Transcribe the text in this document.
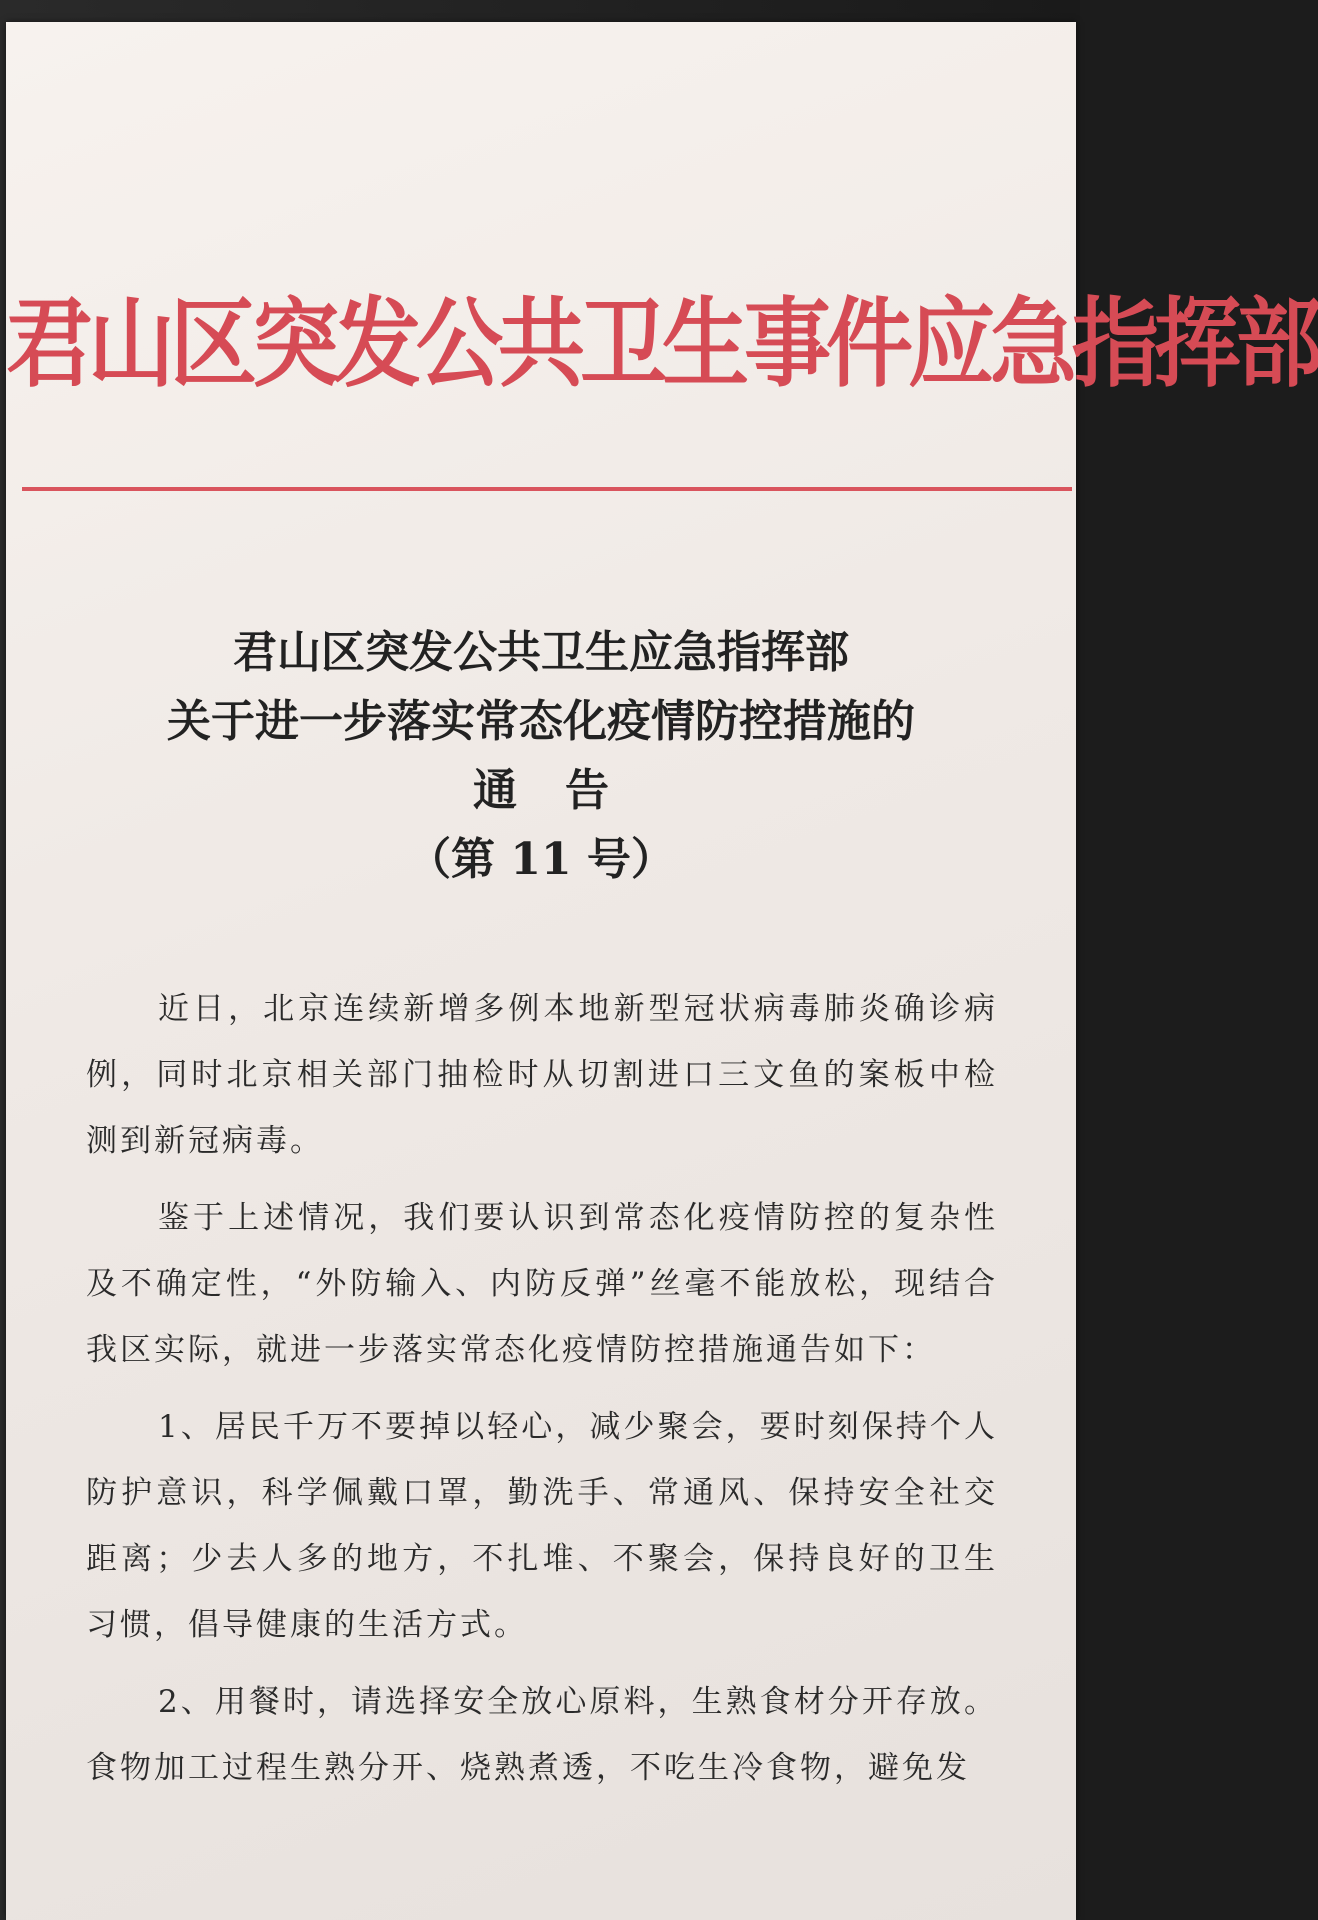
君山区突发公共卫生事件应急指挥部
君山区突发公共卫生应急指挥部
关于进一步落实常态化疫情防控措施的
通告
（第 11 号）

近日，北京连续新增多例本地新型冠状病毒肺炎确诊病例，同时北京相关部门抽检时从切割进口三文鱼的案板中检测到新冠病毒。

鉴于上述情况，我们要认识到常态化疫情防控的复杂性及不确定性，“外防输入、内防反弹”丝毫不能放松，现结合我区实际，就进一步落实常态化疫情防控措施通告如下：

1、居民千万不要掉以轻心，减少聚会，要时刻保持个人防护意识，科学佩戴口罩，勤洗手、常通风、保持安全社交距离；少去人多的地方，不扎堆、不聚会，保持良好的卫生习惯，倡导健康的生活方式。

2、用餐时，请选择安全放心原料，生熟食材分开存放。食物加工过程生熟分开、烧熟煮透，不吃生冷食物，避免发
